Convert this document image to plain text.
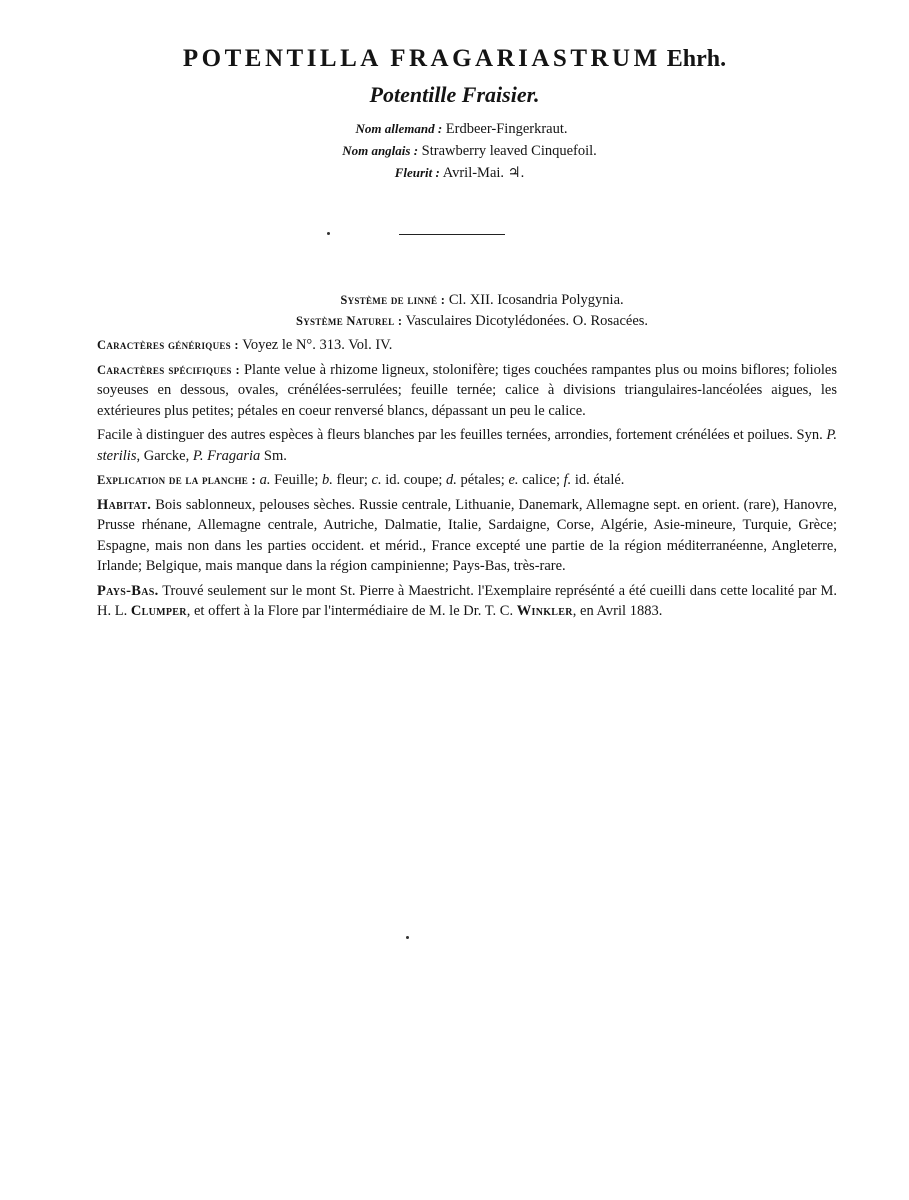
POTENTILLA FRAGARIASTRUM Ehrh.

Potentille Fraisier.

Nom allemand : Erdbeer-Fingerkraut.

Nom anglais : Strawberry leaved Cinquefoil.

Fleurit : Avril-Mai. ♃.

Système de linné : Cl. XII. Icosandria Polygynia.

Système Naturel : Vasculaires Dicotylédonées. O. Rosacées.

Caractères génériques : Voyez le N°. 313. Vol. IV.

Caractères spécifiques : Plante velue à rhizome ligneux, stolonifère; tiges couchées rampantes plus ou moins biflores; folioles soyeuses en dessous, ovales, crénélées-serrulées; feuille ternée; calice à divisions triangulaires-lancéolées aigues, les extérieures plus petites; pétales en coeur renversé blancs, dépassant un peu le calice.

Facile à distinguer des autres espèces à fleurs blanches par les feuilles ternées, arrondies, fortement crénélées et poilues. Syn. P. sterilis, Garcke, P. Fragaria Sm.

Explication de la planche : a. Feuille; b. fleur; c. id. coupe; d. pétales; e. calice; f. id. étalé.

Habitat. Bois sablonneux, pelouses sèches. Russie centrale, Lithuanie, Danemark, Allemagne sept. en orient. (rare), Hanovre, Prusse rhénane, Allemagne centrale, Autriche, Dalmatie, Italie, Sardaigne, Corse, Algérie, Asie-mineure, Turquie, Grèce; Espagne, mais non dans les parties occident. et mérid., France excepté une partie de la région méditerranéenne, Angleterre, Irlande; Belgique, mais manque dans la région campinienne; Pays-Bas, très-rare.

Pays-Bas. Trouvé seulement sur le mont St. Pierre à Maestricht. l'Exemplaire représénté a été cueilli dans cette localité par M. H. L. Clumper, et offert à la Flore par l'intermédiaire de M. le Dr. T. C. Winkler, en Avril 1883.
